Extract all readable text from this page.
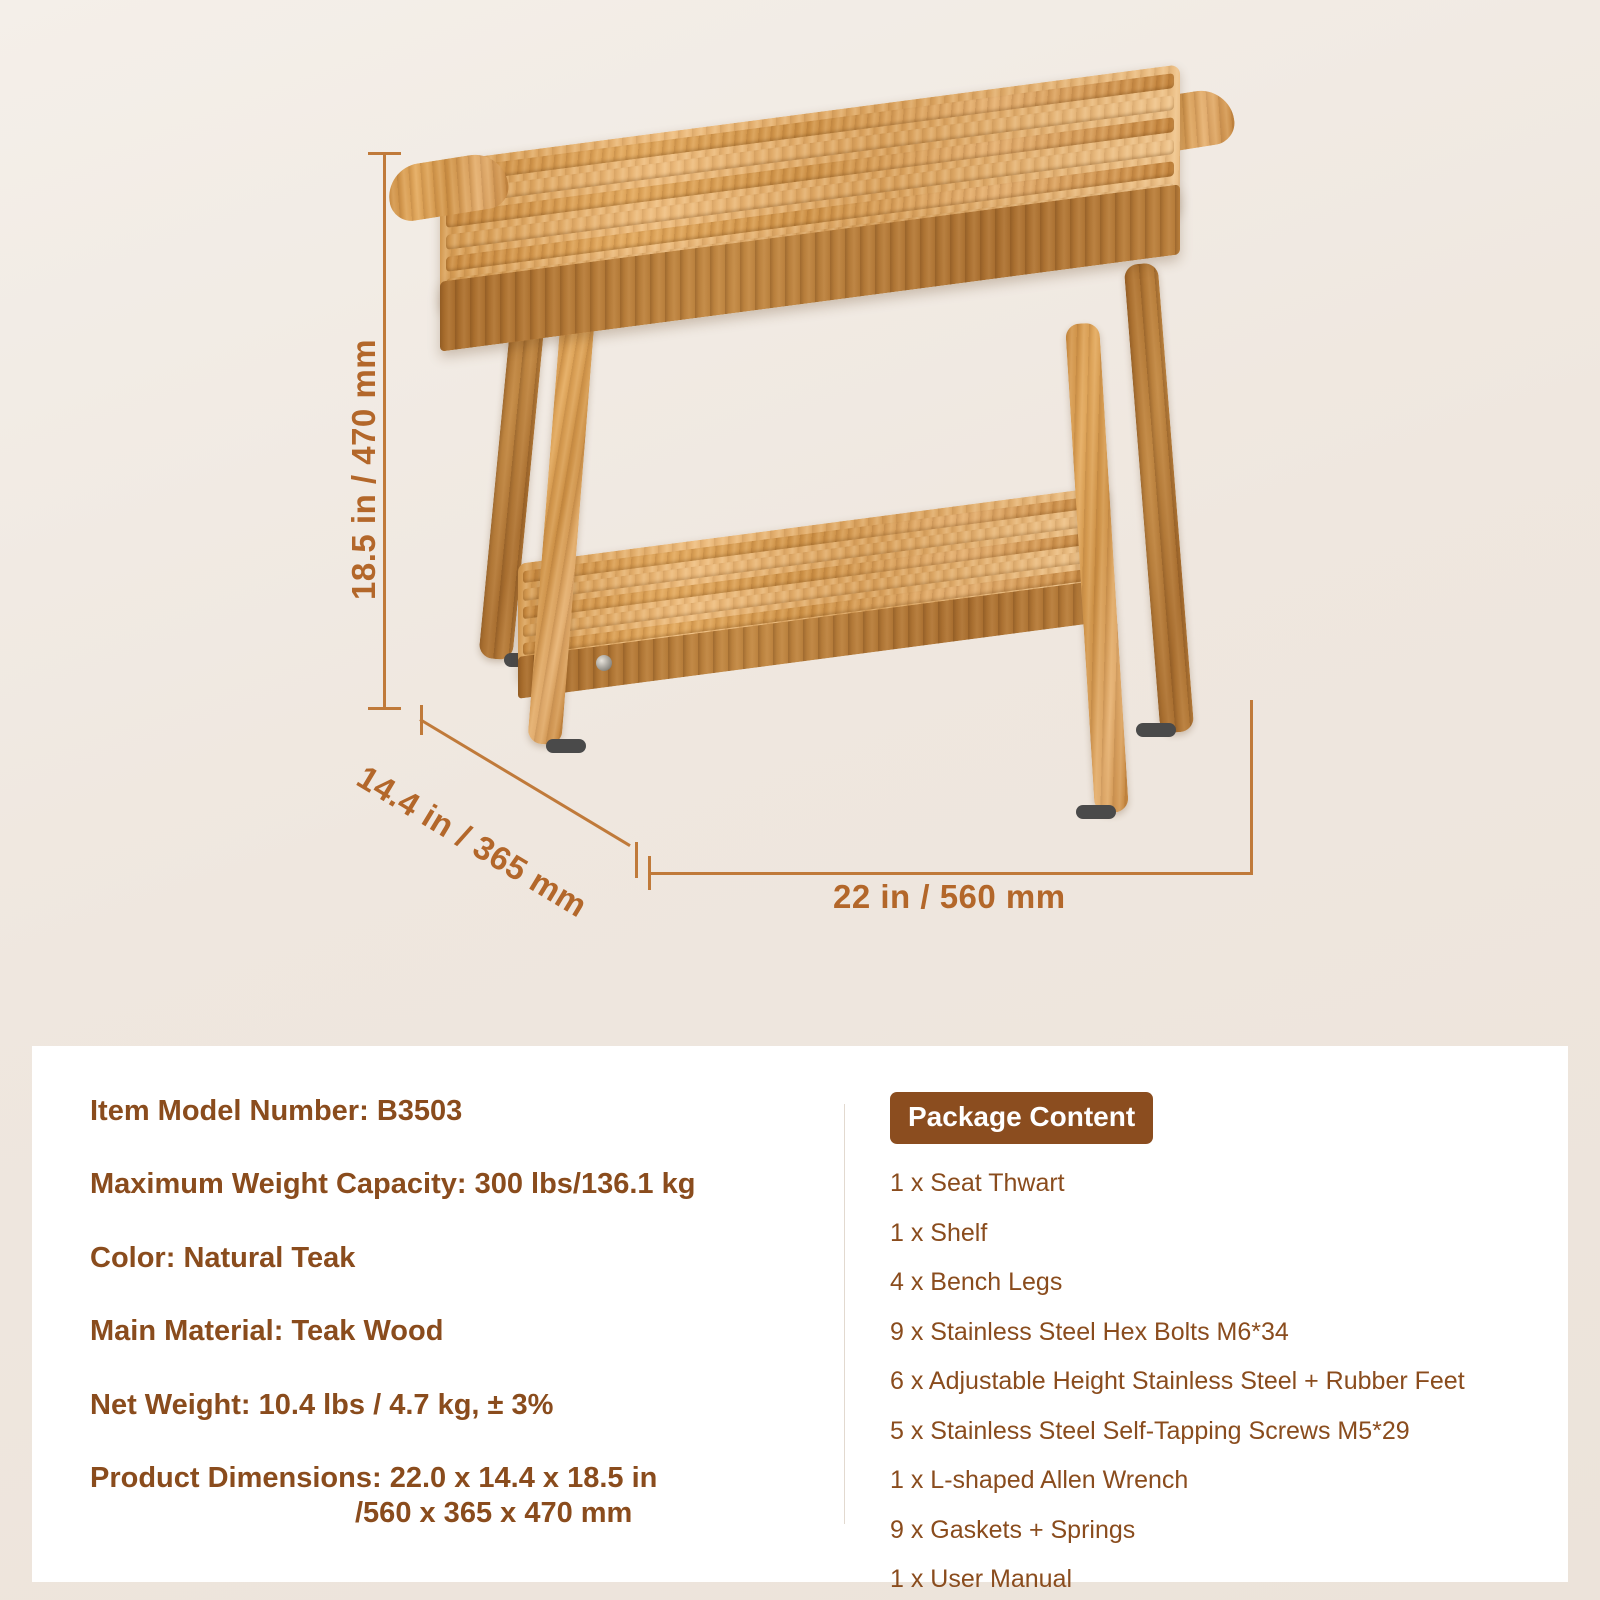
18.5 in / 470 mm
14.4 in / 365 mm	22 in / 560 mm
Item Model Number: B3503
Maximum Weight Capacity: 300 lbs/136.1 kg
Color: Natural Teak
Main Material: Teak Wood
Net Weight: 10.4 lbs / 4.7 kg, ± 3%
Product Dimensions: 22.0 x 14.4 x 18.5 in
/560 x 365 x 470 mm
Package Content
1 x Seat Thwart
1 x Shelf
4 x Bench Legs
9 x Stainless Steel Hex Bolts M6*34
6 x Adjustable Height Stainless Steel + Rubber Feet
5 x Stainless Steel Self-Tapping Screws M5*29
1 x L-shaped Allen Wrench
9 x Gaskets + Springs
1 x User Manual
